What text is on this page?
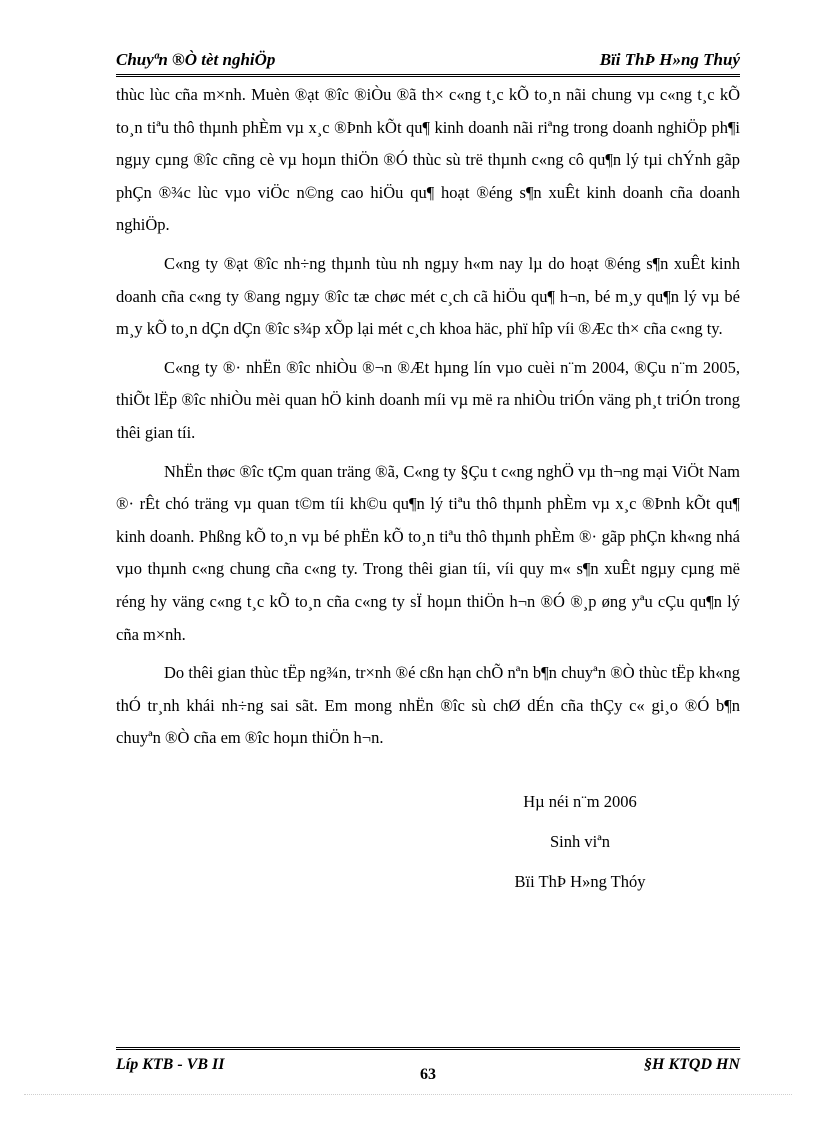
Chuyªn ®Ò tèt nghiÖp	Bïi ThÞ H»ng Thuý

thùc lùc cña m×nh. Muèn ®ạt ®îc ®iÒu ®ã th× c«ng t¸c kÕ to¸n nãi chung vµ c«ng t¸c kÕ to¸n tiªu thô thµnh phÈm vµ x¸c ®Þnh kÕt qu¶ kinh doanh nãi riªng trong doanh nghiÖp ph¶i ngµy cµng ®îc cñng cè vµ hoµn thiÖn ®Ó thùc sù trë thµnh c«ng cô qu¶n lý tµi chÝnh gãp phÇn ®¾c lùc vµo viÖc n©ng cao hiÖu qu¶ hoạt ®éng s¶n xuÊt kinh doanh cña doanh nghiÖp.

C«ng ty ®ạt ®îc nh÷ng thµnh tùu nh ngµy h«m nay lµ do hoạt ®éng s¶n xuÊt kinh doanh cña c«ng ty ®ang ngµy ®îc tæ chøc mét c¸ch cã hiÖu qu¶ h¬n, bé m¸y qu¶n lý vµ bé m¸y kÕ to¸n dÇn dÇn ®îc s¾p xÕp lại mét c¸ch khoa häc, phï hîp víi ®Æc th× cña c«ng ty.

C«ng ty ®· nhËn ®îc nhiÒu ®¬n ®Æt hµng lín vµo cuèi n¨m 2004, ®Çu n¨m 2005, thiÕt lËp ®îc nhiÒu mèi quan hÖ kinh doanh míi vµ më ra nhiÒu triÓn väng ph¸t triÓn trong thêi gian tíi.

NhËn thøc ®îc tÇm quan träng ®ã, C«ng ty §Çu t c«ng nghÖ vµ th¬ng mại ViÖt Nam ®· rÊt chó träng vµ quan t©m tíi kh©u qu¶n lý tiªu thô thµnh phÈm vµ x¸c ®Þnh kÕt qu¶ kinh doanh. Phßng kÕ to¸n vµ bé phËn kÕ to¸n tiªu thô thµnh phÈm ®· gãp phÇn kh«ng nhá vµo thµnh c«ng chung cña c«ng ty. Trong thêi gian tíi, víi quy m« s¶n xuÊt ngµy cµng më réng hy väng c«ng t¸c kÕ to¸n cña c«ng ty sÏ hoµn thiÖn h¬n ®Ó ®¸p øng yªu cÇu qu¶n lý cña m×nh.

Do thêi gian thùc tËp ng¾n, tr×nh ®é cßn hạn chÕ nªn b¶n chuyªn ®Ò thùc tËp kh«ng thÓ tr¸nh khái nh÷ng sai sãt. Em mong nhËn ®îc sù chØ dÉn cña thÇy c« gi¸o ®Ó b¶n chuyªn ®Ò cña em ®îc hoµn thiÖn h¬n.

Hµ néi n¨m 2006
Sinh viªn
Bïi ThÞ H»ng Thóy
Líp KTB - VB II
63
§H KTQD HN
